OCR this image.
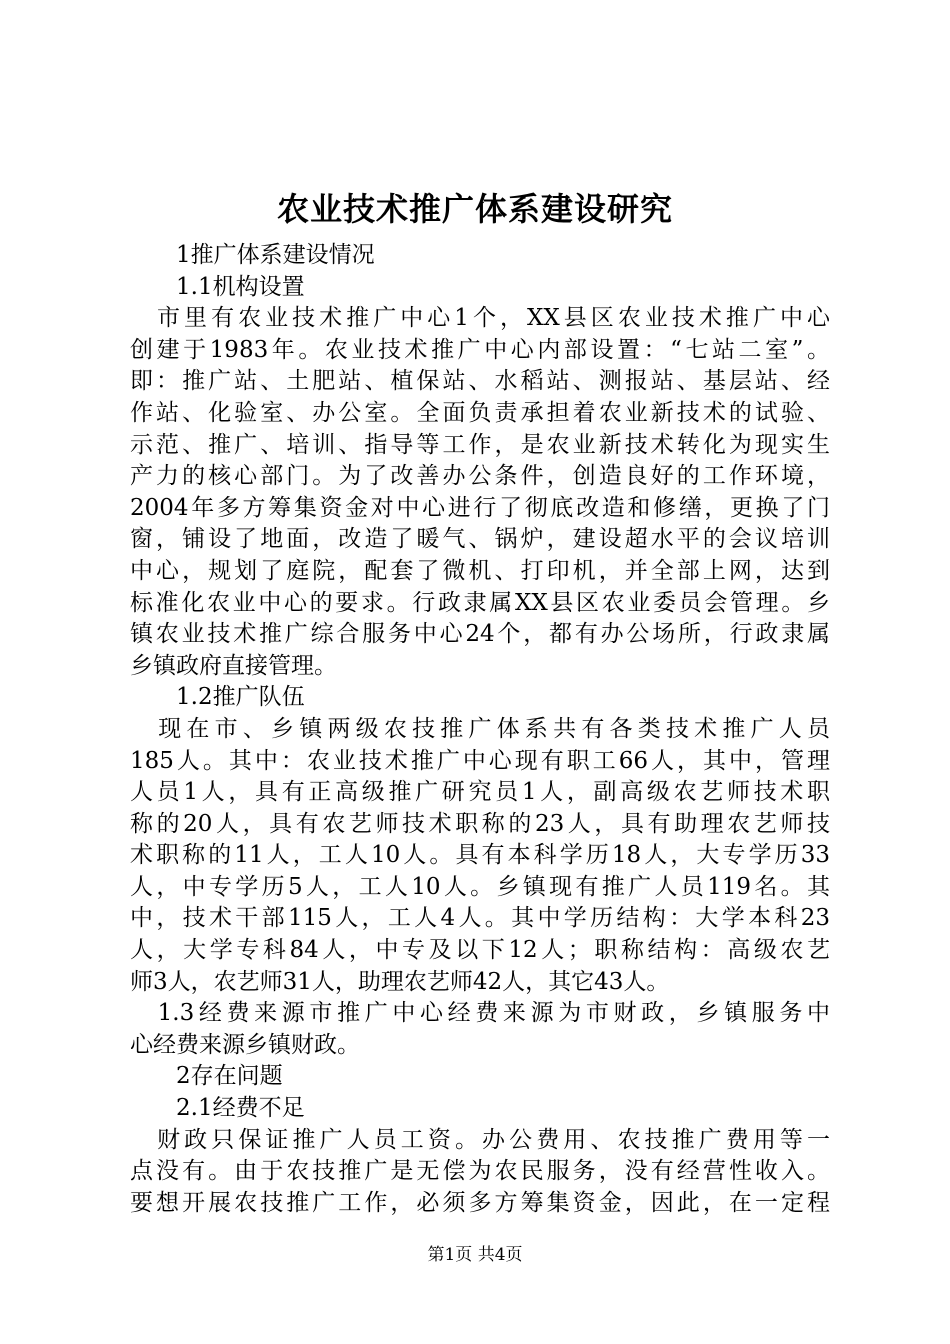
农业技术推广体系建设研究
1推广体系建设情况
1.1机构设置
　市里有农业技术推广中心1个，XX县区农业技术推广中心
创建于1983年。农业技术推广中心内部设置：“七站二室”。
即：推广站、土肥站、植保站、水稻站、测报站、基层站、经
作站、化验室、办公室。全面负责承担着农业新技术的试验、
示范、推广、培训、指导等工作，是农业新技术转化为现实生
产力的核心部门。为了改善办公条件，创造良好的工作环境，
2004年多方筹集资金对中心进行了彻底改造和修缮，更换了门
窗，铺设了地面，改造了暖气、锅炉，建设超水平的会议培训
中心，规划了庭院，配套了微机、打印机，并全部上网，达到
标准化农业中心的要求。行政隶属XX县区农业委员会管理。乡
镇农业技术推广综合服务中心24个，都有办公场所，行政隶属
乡镇政府直接管理。
1.2推广队伍
　现在市、乡镇两级农技推广体系共有各类技术推广人员
185人。其中：农业技术推广中心现有职工66人，其中，管理
人员1人，具有正高级推广研究员1人，副高级农艺师技术职
称的20人，具有农艺师技术职称的23人，具有助理农艺师技
术职称的11人，工人10人。具有本科学历18人，大专学历33
人，中专学历5人，工人10人。乡镇现有推广人员119名。其
中，技术干部115人，工人4人。其中学历结构：大学本科23
人，大学专科84人，中专及以下12人；职称结构：高级农艺
师3人，农艺师31人，助理农艺师42人，其它43人。
　1.3经费来源市推广中心经费来源为市财政，乡镇服务中
心经费来源乡镇财政。
2存在问题
2.1经费不足
　财政只保证推广人员工资。办公费用、农技推广费用等一
点没有。由于农技推广是无偿为农民服务，没有经营性收入。
要想开展农技推广工作，必须多方筹集资金，因此，在一定程
第1页 共4页
